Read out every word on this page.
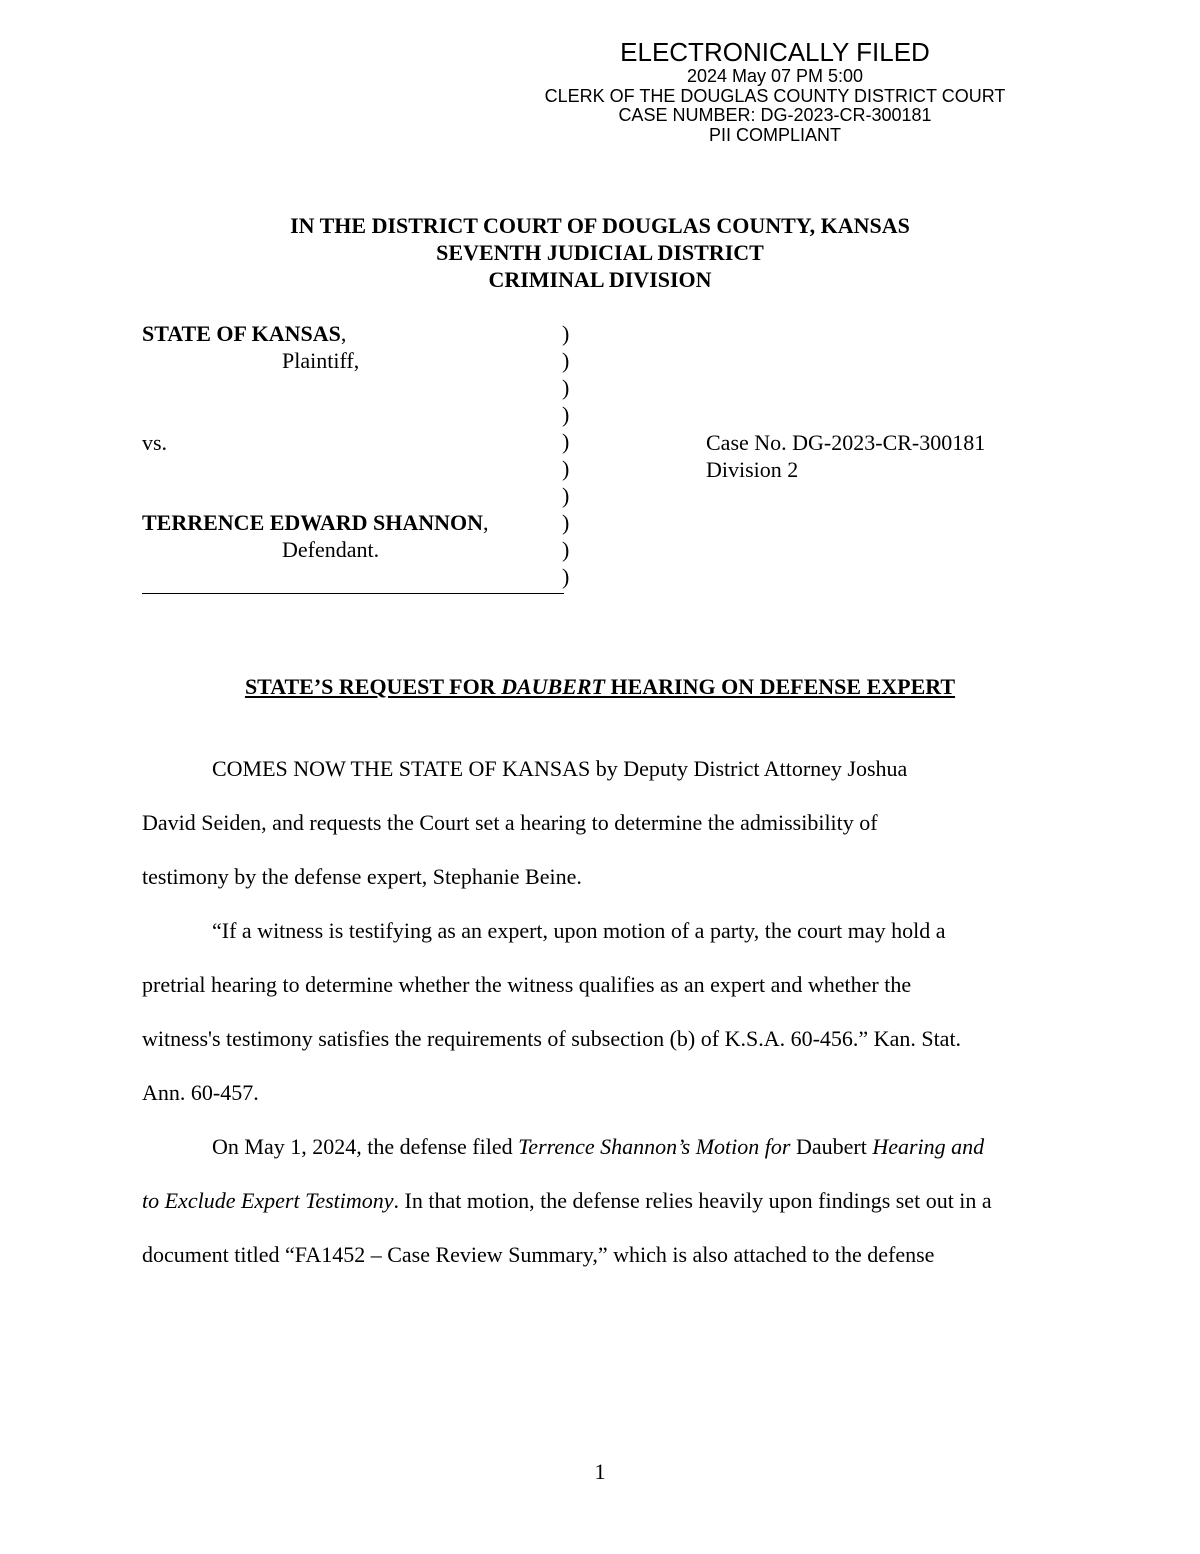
ELECTRONICALLY FILED
2024 May 07 PM 5:00
CLERK OF THE DOUGLAS COUNTY DISTRICT COURT
CASE NUMBER: DG-2023-CR-300181
PII COMPLIANT
IN THE DISTRICT COURT OF DOUGLAS COUNTY, KANSAS
SEVENTH JUDICIAL DISTRICT
CRIMINAL DIVISION
STATE OF KANSAS,
Plaintiff,
vs.
TERRENCE EDWARD SHANNON,
Defendant.
)
)
)
)
)
)
)
)
)
)
Case No. DG-2023-CR-300181
Division 2
STATE’S REQUEST FOR DAUBERT HEARING ON DEFENSE EXPERT
COMES NOW THE STATE OF KANSAS by Deputy District Attorney Joshua
David Seiden, and requests the Court set a hearing to determine the admissibility of
testimony by the defense expert, Stephanie Beine.
“If a witness is testifying as an expert, upon motion of a party, the court may hold a
pretrial hearing to determine whether the witness qualifies as an expert and whether the
witness's testimony satisfies the requirements of subsection (b) of K.S.A. 60-456.” Kan. Stat.
Ann. 60-457.
On May 1, 2024, the defense filed Terrence Shannon’s Motion for Daubert Hearing and
to Exclude Expert Testimony. In that motion, the defense relies heavily upon findings set out in a
document titled “FA1452 – Case Review Summary,” which is also attached to the defense
1
